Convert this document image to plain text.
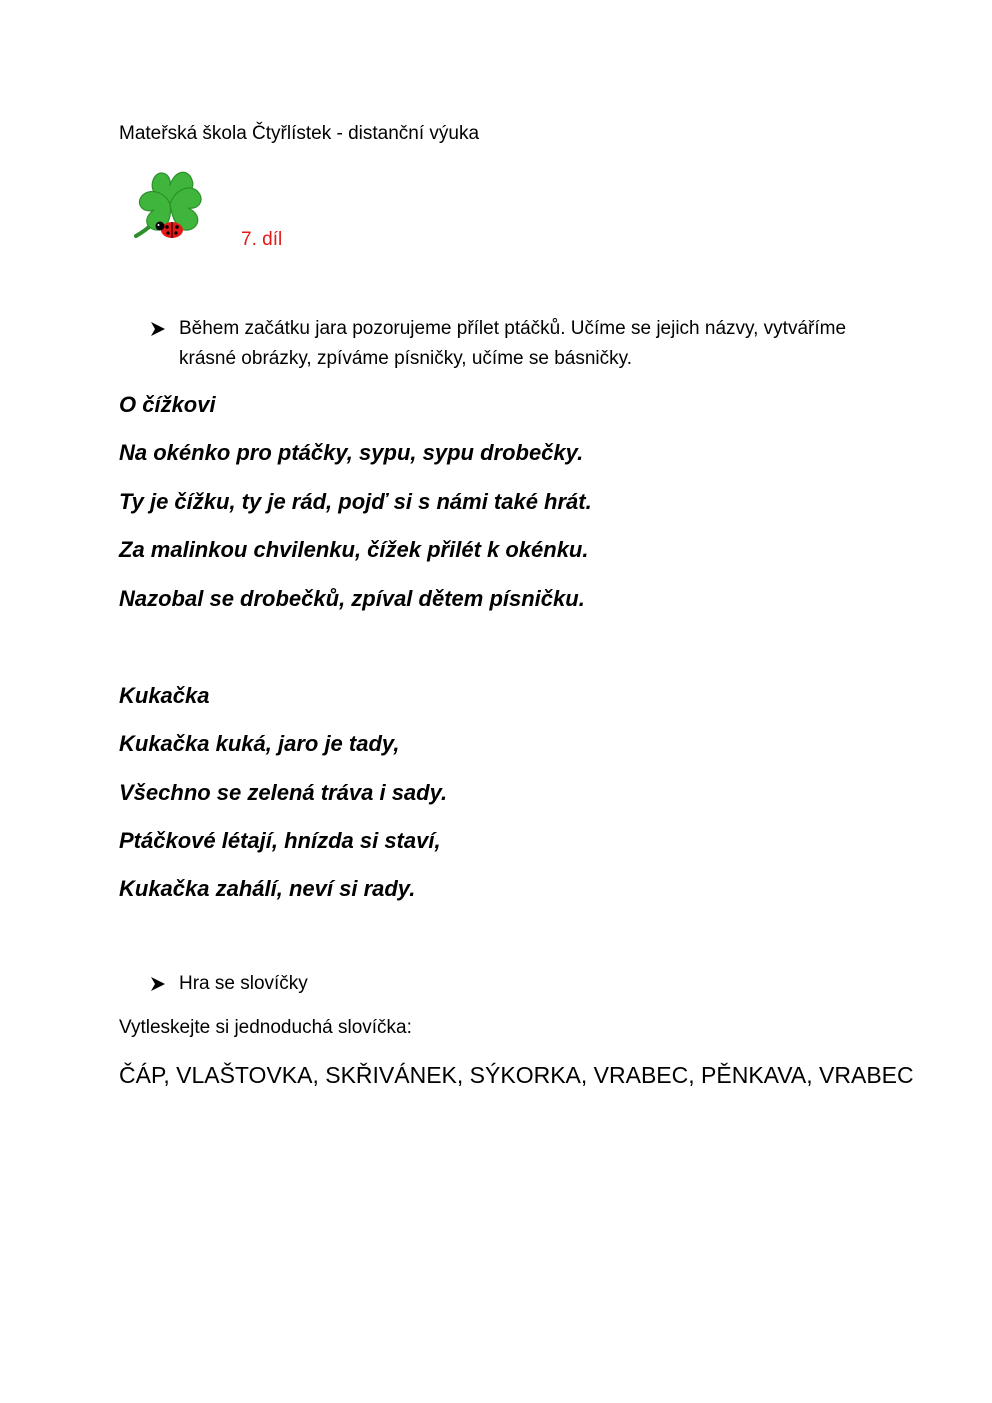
Mateřská škola Čtyřlístek - distanční výuka
7. díl
Během začátku jara pozorujeme přílet ptáčků. Učíme se jejich názvy, vytváříme krásné obrázky, zpíváme písničky, učíme se básničky.
O čížkovi
Na okénko pro ptáčky, sypu, sypu drobečky.
Ty je čížku, ty je rád, pojď si s námi také hrát.
Za malinkou chvilenku, čížek přilét k okénku.
Nazobal se drobečků, zpíval dětem písničku.
Kukačka
Kukačka kuká, jaro je tady,
Všechno se zelená tráva i sady.
Ptáčkové létají, hnízda si staví,
Kukačka zahálí, neví si rady.
Hra se slovíčky
Vytleskejte si jednoduchá slovíčka:
ČÁP, VLAŠTOVKA, SKŘIVÁNEK, SÝKORKA, VRABEC, PĚNKAVA, VRABEC
